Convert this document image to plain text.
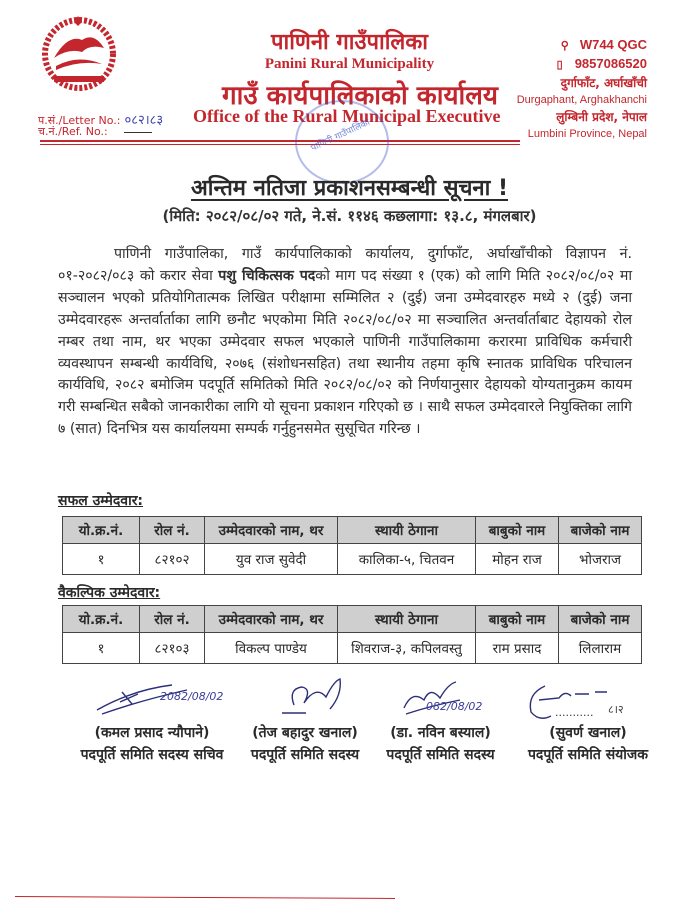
पाणिनी गाउँपालिका
Panini Rural Municipality
गाउँ कार्यपालिकाको कार्यालय
Office of the Rural Municipal Executive
प.सं./Letter No.: ०८२।८३
च.नं./Ref. No.:
⚲ W744 QGC
▯ 9857086520
दुर्गाफाँट, अर्घाखाँची
Durgaphant, Arghakhanchi
लुम्बिनी प्रदेश, नेपाल
Lumbini Province, Nepal
पाणिनी गाउँपालिका
अन्तिम नतिजा प्रकाशनसम्बन्धी सूचना !
(मिति: २०८२/०८/०२ गते, ने.सं. ११४६ कछलागा: १३.८, मंगलबार)
पाणिनी गाउँपालिका, गाउँ कार्यपालिकाको कार्यालय, दुर्गाफाँट, अर्घाखाँचीको विज्ञापन नं. ०१-२०८२/०८३ को करार सेवा पशु चिकित्सक पदको माग पद संख्या १ (एक) को लागि मिति २०८२/०८/०२ मा सञ्चालन भएको प्रतियोगितात्मक लिखित परीक्षामा सम्मिलित २ (दुई) जना उम्मेदवारहरु मध्ये २ (दुई) जना उम्मेदवारहरू अन्तर्वार्ताका लागि छनौट भएकोमा मिति २०८२/०८/०२ मा सञ्चालित अन्तर्वार्ताबाट देहायको रोल नम्बर तथा नाम, थर भएका उम्मेदवार सफल भएकाले पाणिनी गाउँपालिकामा करारमा प्राविधिक कर्मचारी व्यवस्थापन सम्बन्धी कार्यविधि, २०७६ (संशोधनसहित) तथा स्थानीय तहमा कृषि स्नातक प्राविधिक परिचालन कार्यविधि, २०८२ बमोजिम पदपूर्ति समितिको मिति २०८२/०८/०२ को निर्णयानुसार देहायको योग्यतानुक्रम कायम गरी सम्बन्धित सबैको जानकारीका लागि यो सूचना प्रकाशन गरिएको छ । साथै सफल उम्मेदवारले नियुक्तिका लागि ७ (सात) दिनभित्र यस कार्यालयमा सम्पर्क गर्नुहुनसमेत सुसूचित गरिन्छ ।
सफल उम्मेदवार:
यो.क्र.नं.	रोल नं.	उम्मेदवारको नाम, थर	स्थायी ठेगाना	बाबुको नाम	बाजेको नाम
१	८२१०२	युव राज सुवेदी	कालिका-५, चितवन	मोहन राज	भोजराज
वैकल्पिक उम्मेदवार:
यो.क्र.नं.	रोल नं.	उम्मेदवारको नाम, थर	स्थायी ठेगाना	बाबुको नाम	बाजेको नाम
१	८२१०३	विकल्प पाण्डेय	शिवराज-३, कपिलवस्तु	राम प्रसाद	लिलाराम
2082/08/02
082/08/02	........... ८।२
(कमल प्रसाद न्यौपाने)
पदपूर्ति समिति सदस्य सचिव
(तेज बहादुर खनाल)
पदपूर्ति समिति सदस्य
(डा. नविन बस्याल)
पदपूर्ति समिति सदस्य
(सुवर्ण खनाल)
पदपूर्ति समिति संयोजक
